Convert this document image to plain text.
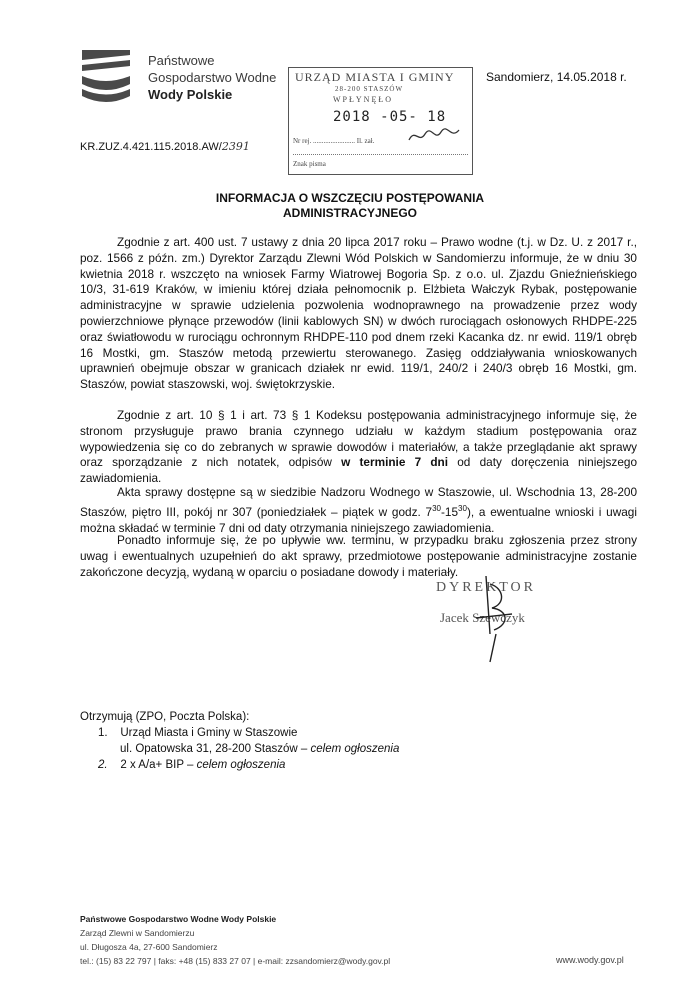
Państwowe
Gospodarstwo Wodne
Wody Polskie
URZĄD MIASTA I GMINY
28-200 STASZÓW
WPŁYNĘŁO
2018 -05- 18
Nr rej. ........................ Il. zał.
Znak pisma
Sandomierz, 14.05.2018 r.
KR.ZUZ.4.421.115.2018.AW/2391
INFORMACJA O WSZCZĘCIU POSTĘPOWANIA
ADMINISTRACYJNEGO

Zgodnie z art. 400 ust. 7 ustawy z dnia 20 lipca 2017 roku – Prawo wodne (t.j. w Dz. U. z 2017 r., poz. 1566 z późn. zm.) Dyrektor Zarządu Zlewni Wód Polskich w Sandomierzu informuje, że w dniu 30 kwietnia 2018 r. wszczęto na wniosek Farmy Wiatrowej Bogoria Sp. z o.o. ul. Zjazdu Gnieźnieńskiego 10/3, 31-619 Kraków, w imieniu której działa pełnomocnik p. Elżbieta Wałczyk Rybak, postępowanie administracyjne w sprawie udzielenia pozwolenia wodnoprawnego na prowadzenie przez wody powierzchniowe płynące przewodów (linii kablowych SN) w dwóch rurociągach osłonowych RHDPE-225 oraz światłowodu w rurociągu ochronnym RHDPE-110 pod dnem rzeki Kacanka dz. nr ewid. 119/1 obręb 16 Mostki, gm. Staszów metodą przewiertu sterowanego. Zasięg oddziaływania wnioskowanych uprawnień obejmuje obszar w granicach działek nr ewid. 119/1, 240/2 i 240/3 obręb 16 Mostki, gm. Staszów, powiat staszowski, woj. świętokrzyskie.

Zgodnie z art. 10 § 1 i art. 73 § 1 Kodeksu postępowania administracyjnego informuje się, że stronom przysługuje prawo brania czynnego udziału w każdym stadium postępowania oraz wypowiedzenia się co do zebranych w sprawie dowodów i materiałów, a także przeglądanie akt sprawy oraz sporządzanie z nich notatek, odpisów w terminie 7 dni od daty doręczenia niniejszego zawiadomienia.

Akta sprawy dostępne są w siedzibie Nadzoru Wodnego w Staszowie, ul. Wschodnia 13, 28-200 Staszów, piętro III, pokój nr 307 (poniedziałek – piątek w godz. $7^{30}-15^{30}$), a ewentualne wnioski i uwagi można składać w terminie 7 dni od daty otrzymania niniejszego zawiadomienia.

Ponadto informuje się, że po upływie ww. terminu, w przypadku braku zgłoszenia przez strony uwag i ewentualnych uzupełnień do akt sprawy, przedmiotowe postępowanie administracyjne zostanie zakończone decyzją, wydaną w oparciu o posiadane dowody i materiały.

DYREKTOR
Jacek Szewczyk
Otrzymują (ZPO, Poczta Polska):
1. Urząd Miasta i Gminy w Staszowie
ul. Opatowska 31, 28-200 Staszów – celem ogłoszenia
2. 2 x A/a+ BIP – celem ogłoszenia
Państwowe Gospodarstwo Wodne Wody Polskie
Zarząd Zlewni w Sandomierzu
ul. Długosza 4a, 27-600 Sandomierz
tel.: (15) 83 22 797 | faks: +48 (15) 833 27 07 | e-mail: zzsandomierz@wody.gov.pl	www.wody.gov.pl
